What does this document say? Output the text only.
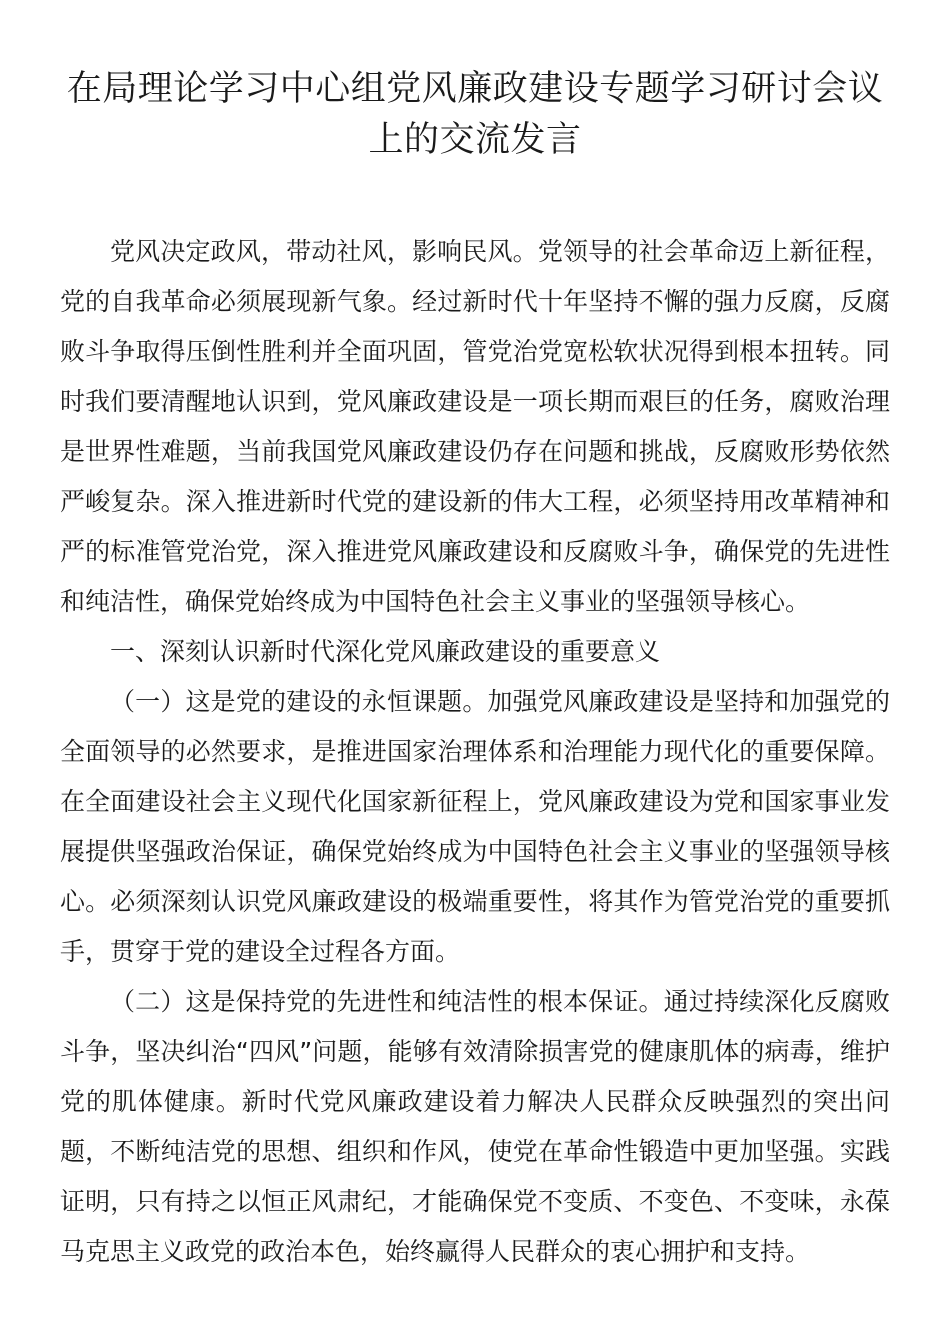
在局理论学习中心组党风廉政建设专题学习研讨会议上的交流发言

党风决定政风，带动社风，影响民风。党领导的社会革命迈上新征程，党的自我革命必须展现新气象。经过新时代十年坚持不懈的强力反腐，反腐败斗争取得压倒性胜利并全面巩固，管党治党宽松软状况得到根本扭转。同时我们要清醒地认识到，党风廉政建设是一项长期而艰巨的任务，腐败治理是世界性难题，当前我国党风廉政建设仍存在问题和挑战，反腐败形势依然严峻复杂。深入推进新时代党的建设新的伟大工程，必须坚持用改革精神和严的标准管党治党，深入推进党风廉政建设和反腐败斗争，确保党的先进性和纯洁性，确保党始终成为中国特色社会主义事业的坚强领导核心。

一、深刻认识新时代深化党风廉政建设的重要意义

（一）这是党的建设的永恒课题。加强党风廉政建设是坚持和加强党的全面领导的必然要求，是推进国家治理体系和治理能力现代化的重要保障。在全面建设社会主义现代化国家新征程上，党风廉政建设为党和国家事业发展提供坚强政治保证，确保党始终成为中国特色社会主义事业的坚强领导核心。必须深刻认识党风廉政建设的极端重要性，将其作为管党治党的重要抓手，贯穿于党的建设全过程各方面。

（二）这是保持党的先进性和纯洁性的根本保证。通过持续深化反腐败斗争，坚决纠治“四风”问题，能够有效清除损害党的健康肌体的病毒，维护党的肌体健康。新时代党风廉政建设着力解决人民群众反映强烈的突出问题，不断纯洁党的思想、组织和作风，使党在革命性锻造中更加坚强。实践证明，只有持之以恒正风肃纪，才能确保党不变质、不变色、不变味，永葆马克思主义政党的政治本色，始终赢得人民群众的衷心拥护和支持。
